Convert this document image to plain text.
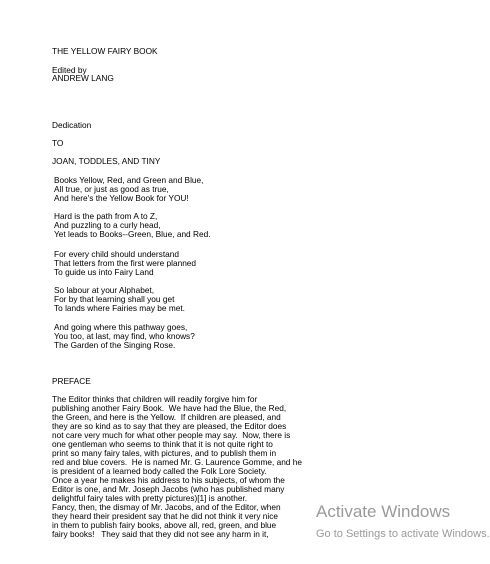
THE YELLOW FAIRY BOOK
Edited by
ANDREW LANG
Dedication
TO
JOAN, TODDLES, AND TINY
Books Yellow, Red, and Green and Blue,
All true, or just as good as true,
And here's the Yellow Book for YOU!
Hard is the path from A to Z,
And puzzling to a curly head,
Yet leads to Books--Green, Blue, and Red.
For every child should understand
That letters from the first were planned
To guide us into Fairy Land
So labour at your Alphabet,
For by that learning shall you get
To lands where Fairies may be met.
And going where this pathway goes,
You too, at last, may find, who knows?
The Garden of the Singing Rose.
PREFACE
The Editor thinks that children will readily forgive him for
publishing another Fairy Book.  We have had the Blue, the Red,
the Green, and here is the Yellow.  If children are pleased, and
they are so kind as to say that they are pleased, the Editor does
not care very much for what other people may say.  Now, there is
one gentleman who seems to think that it is not quite right to
print so many fairy tales, with pictures, and to publish them in
red and blue covers.  He is named Mr. G. Laurence Gomme, and he
is president of a learned body called the Folk Lore Society.
Once a year he makes his address to his subjects, of whom the
Editor is one, and Mr. Joseph Jacobs (who has published many
delightful fairy tales with pretty pictures)[1] is another.
Fancy, then, the dismay of Mr. Jacobs, and of the Editor, when
they heard their president say that he did not think it very nice
in them to publish fairy books, above all, red, green, and blue
fairy books!   They said that they did not see any harm in it,
Activate Windows
Go to Settings to activate Windows.
